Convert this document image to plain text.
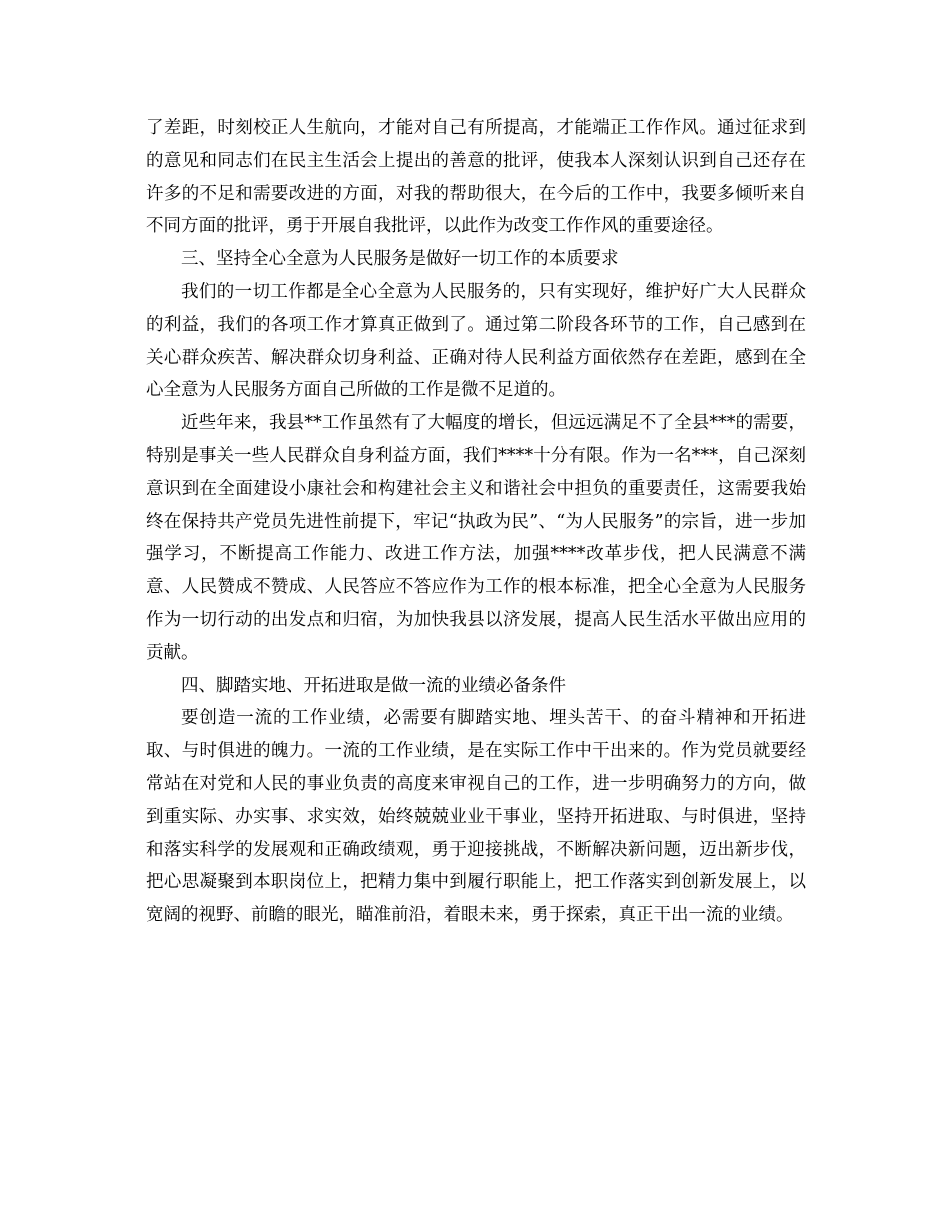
了差距，时刻校正人生航向，才能对自己有所提高，才能端正工作作风。通过征求到的意见和同志们在民主生活会上提出的善意的批评，使我本人深刻认识到自己还存在许多的不足和需要改进的方面，对我的帮助很大，在今后的工作中，我要多倾听来自不同方面的批评，勇于开展自我批评，以此作为改变工作作风的重要途径。

三、坚持全心全意为人民服务是做好一切工作的本质要求

我们的一切工作都是全心全意为人民服务的，只有实现好，维护好广大人民群众的利益，我们的各项工作才算真正做到了。通过第二阶段各环节的工作，自己感到在关心群众疾苦、解决群众切身利益、正确对待人民利益方面依然存在差距，感到在全心全意为人民服务方面自己所做的工作是微不足道的。

近些年来，我县**工作虽然有了大幅度的增长，但远远满足不了全县***的需要，特别是事关一些人民群众自身利益方面，我们****十分有限。作为一名***，自己深刻意识到在全面建设小康社会和构建社会主义和谐社会中担负的重要责任，这需要我始终在保持共产党员先进性前提下，牢记“执政为民”、“为人民服务”的宗旨，进一步加强学习，不断提高工作能力、改进工作方法，加强****改革步伐，把人民满意不满意、人民赞成不赞成、人民答应不答应作为工作的根本标准，把全心全意为人民服务作为一切行动的出发点和归宿，为加快我县以济发展，提高人民生活水平做出应用的贡献。

四、脚踏实地、开拓进取是做一流的业绩必备条件

要创造一流的工作业绩，必需要有脚踏实地、埋头苦干、的奋斗精神和开拓进取、与时俱进的魄力。一流的工作业绩，是在实际工作中干出来的。作为党员就要经常站在对党和人民的事业负责的高度来审视自己的工作，进一步明确努力的方向，做到重实际、办实事、求实效，始终兢兢业业干事业，坚持开拓进取、与时俱进，坚持和落实科学的发展观和正确政绩观，勇于迎接挑战，不断解决新问题，迈出新步伐，把心思凝聚到本职岗位上，把精力集中到履行职能上，把工作落实到创新发展上，以宽阔的视野、前瞻的眼光，瞄准前沿，着眼未来，勇于探索，真正干出一流的业绩。
